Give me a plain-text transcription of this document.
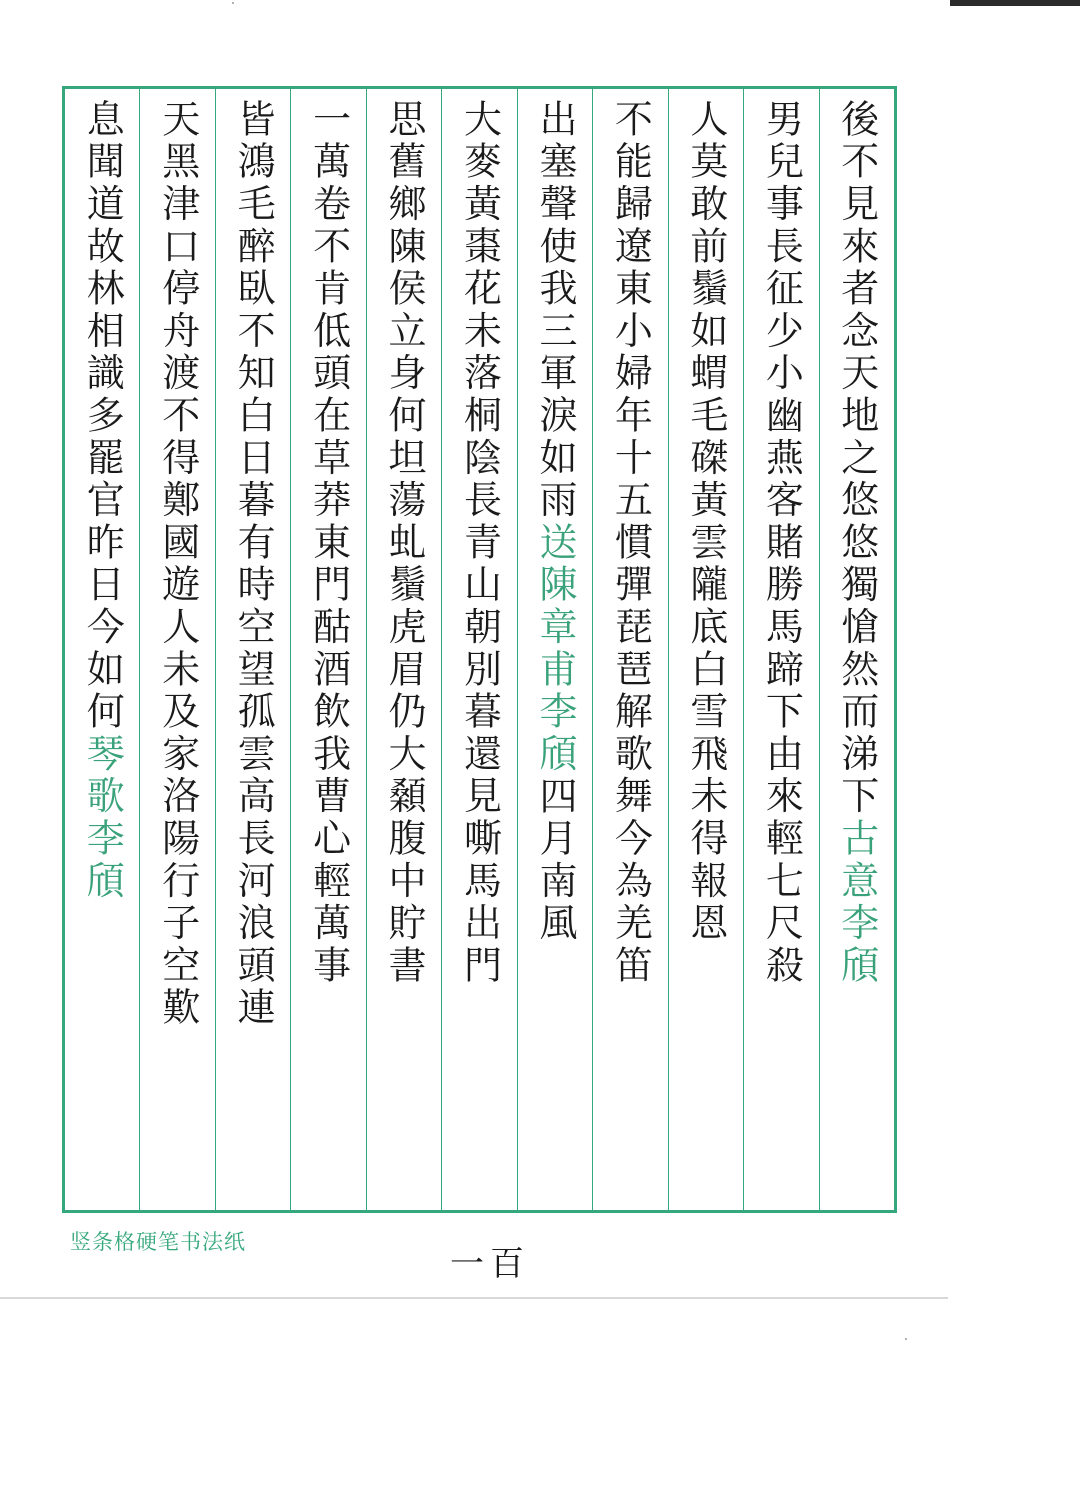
後不見來者念天地之悠悠獨愴然而涕下古意李頎
男兒事長征少小幽燕客賭勝馬蹄下由來輕七尺殺
人莫敢前鬚如蝟毛磔黃雲隴底白雪飛未得報恩
不能歸遼東小婦年十五慣彈琵琶解歌舞今為羌笛
出塞聲使我三軍淚如雨送陳章甫李頎四月南風
大麥黃棗花未落桐陰長青山朝別暮還見嘶馬出門
思舊鄉陳侯立身何坦蕩虬鬚虎眉仍大顙腹中貯書
一萬卷不肯低頭在草莽東門酤酒飲我曹心輕萬事
皆鴻毛醉臥不知白日暮有時空望孤雲高長河浪頭連
天黑津口停舟渡不得鄭國遊人未及家洛陽行子空歎
息聞道故林相識多罷官昨日今如何琴歌李頎
竖条格硬笔书法纸
一百
